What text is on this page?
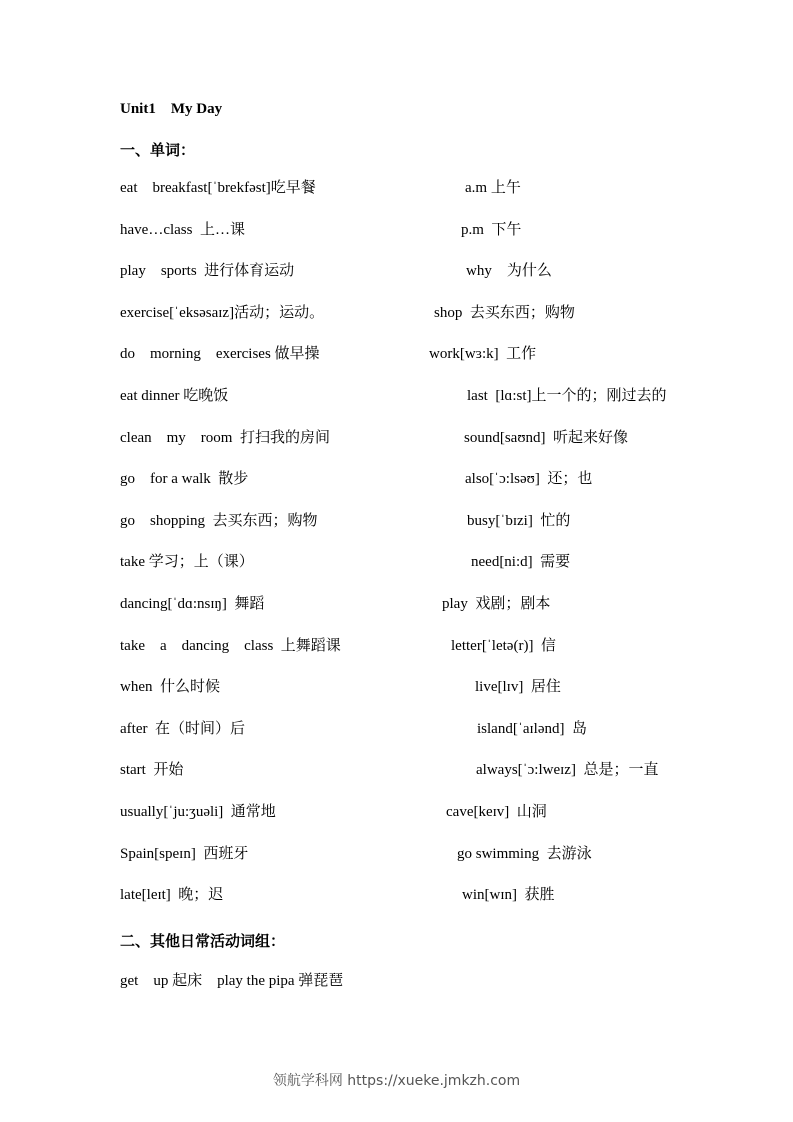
Unit1    My Day
一、单词：
eat    breakfast[ˈbrekfəst]吃早餐	a.m 上午
have…class  上…课	p.m  下午
play    sports  进行体育运动	why    为什么
exercise[ˈeksəsaɪz]活动；运动。	shop  去买东西；购物
do    morning    exercises 做早操	work[wɜ:k]  工作
eat dinner 吃晚饭	last  [lɑ:st]上一个的；刚过去的
clean    my    room  打扫我的房间	sound[saʊnd]  听起来好像
go    for a walk  散步	also[ˈɔ:lsəʊ]  还；也
go    shopping  去买东西；购物	busy[ˈbɪzi]  忙的
take 学习；上（课）	need[ni:d]  需要
dancing[ˈdɑ:nsɪŋ]  舞蹈	play  戏剧；剧本
take    a    dancing    class  上舞蹈课	letter[ˈletə(r)]  信
when  什么时候	live[lɪv]  居住
after  在（时间）后	island[ˈaɪlənd]  岛
start  开始	always[ˈɔ:lweɪz]  总是；一直
usually[ˈju:ʒuəli]  通常地	cave[keɪv]  山洞
Spain[speɪn]  西班牙	go swimming  去游泳
late[leɪt]  晚；迟	win[wɪn]  获胜
二、其他日常活动词组：
get    up 起床    play the pipa 弹琵琶
领航学科网 https://xueke.jmkzh.com
